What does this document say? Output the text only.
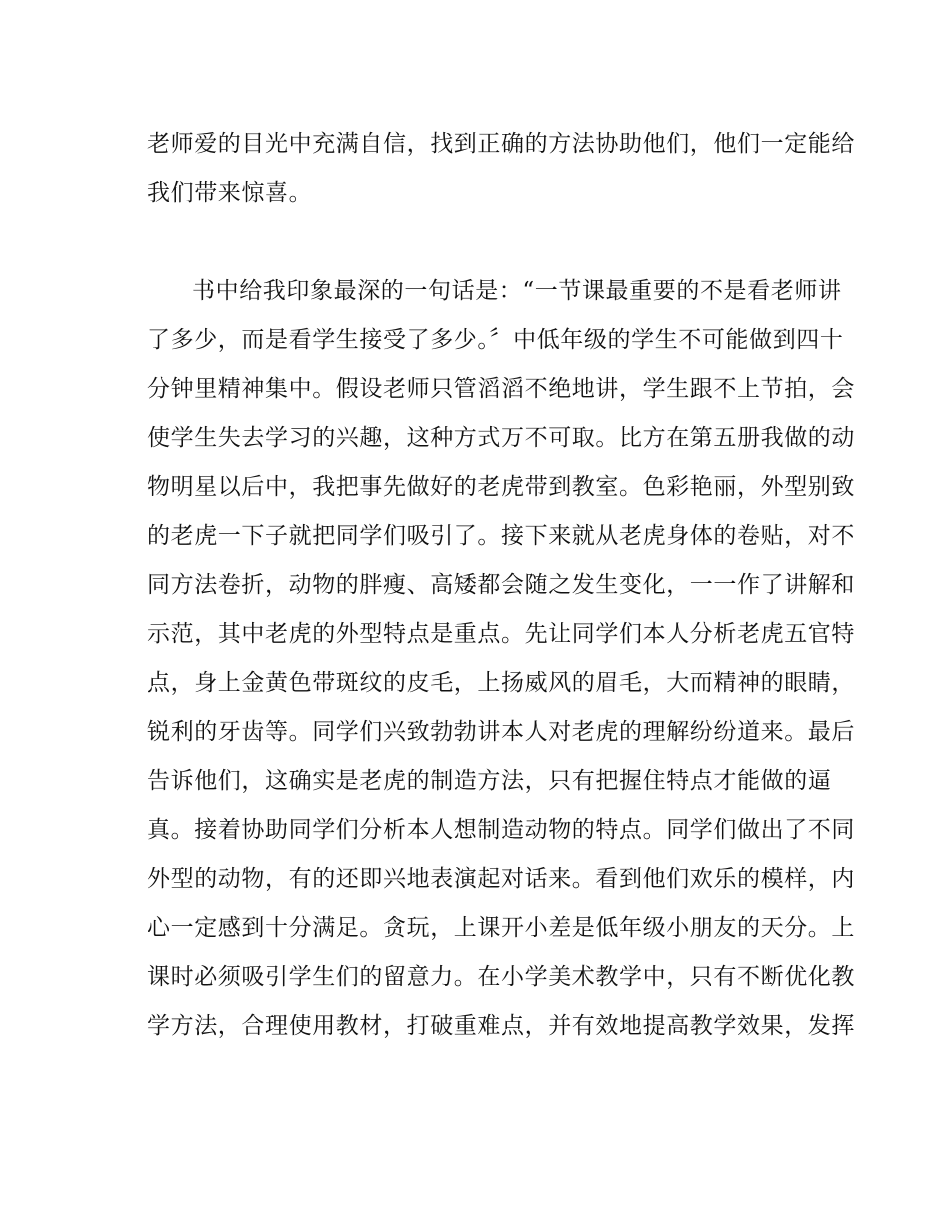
老师爱的目光中充满自信，找到正确的方法协助他们，他们一定能给
我们带来惊喜。
书中给我印象最深的一句话是：“一节课最重要的不是看老师讲
了多少，而是看学生接受了多少。〞中低年级的学生不可能做到四十
分钟里精神集中。假设老师只管滔滔不绝地讲，学生跟不上节拍，会
使学生失去学习的兴趣，这种方式万不可取。比方在第五册我做的动
物明星以后中，我把事先做好的老虎带到教室。色彩艳丽，外型别致
的老虎一下子就把同学们吸引了。接下来就从老虎身体的卷贴，对不
同方法卷折，动物的胖瘦、高矮都会随之发生变化，一一作了讲解和
示范，其中老虎的外型特点是重点。先让同学们本人分析老虎五官特
点，身上金黄色带斑纹的皮毛，上扬威风的眉毛，大而精神的眼睛，
锐利的牙齿等。同学们兴致勃勃讲本人对老虎的理解纷纷道来。最后
告诉他们，这确实是老虎的制造方法，只有把握住特点才能做的逼
真。接着协助同学们分析本人想制造动物的特点。同学们做出了不同
外型的动物，有的还即兴地表演起对话来。看到他们欢乐的模样，内
心一定感到十分满足。贪玩，上课开小差是低年级小朋友的天分。上
课时必须吸引学生们的留意力。在小学美术教学中，只有不断优化教
学方法，合理使用教材，打破重难点，并有效地提高教学效果，发挥
